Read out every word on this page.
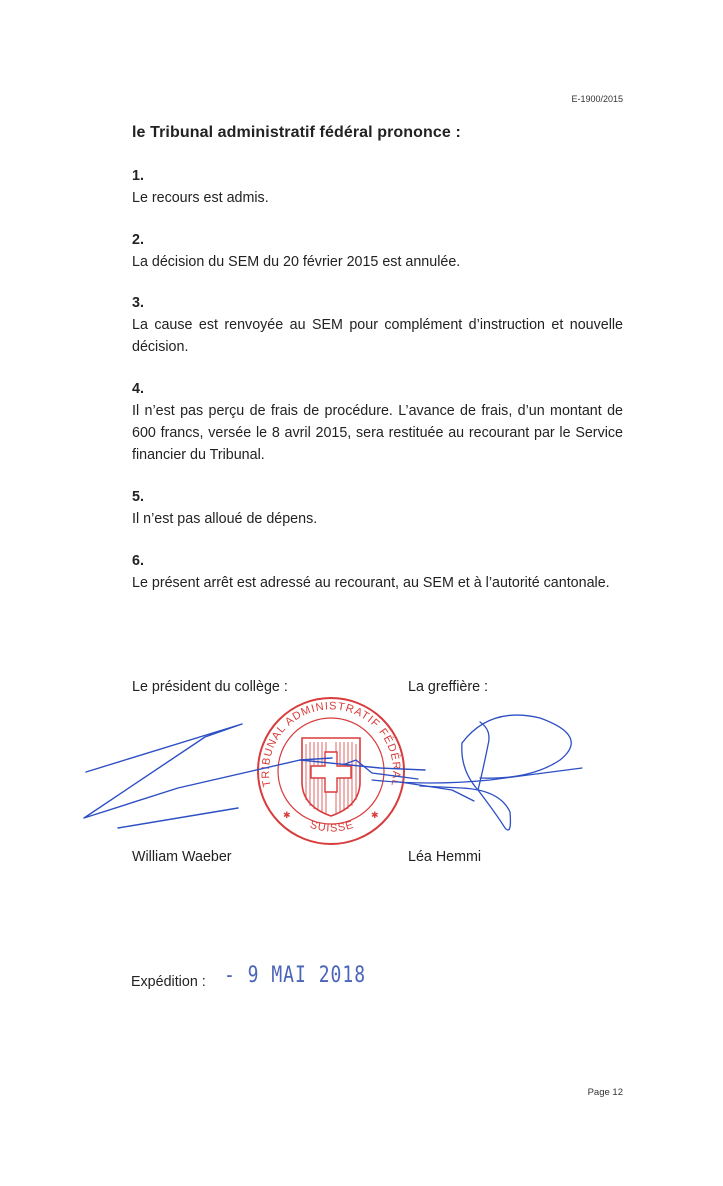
E-1900/2015
le Tribunal administratif fédéral prononce :
1.
Le recours est admis.
2.
La décision du SEM du 20 février 2015 est annulée.
3.
La cause est renvoyée au SEM pour complément d’instruction et nouvelle décision.
4.
Il n’est pas perçu de frais de procédure. L’avance de frais, d’un montant de 600 francs, versée le 8 avril 2015, sera restituée au recourant par le Service financier du Tribunal.
5.
Il n’est pas alloué de dépens.
6.
Le présent arrêt est adressé au recourant, au SEM et à l’autorité cantonale.
Le président du collège :	La greffière :
TRIBUNAL ADMINISTRATIF FÉDÉRAL
SUISSE
✱	✱
William Waeber	Léa Hemmi
Expédition : - 9 MAI 2018
Page 12
